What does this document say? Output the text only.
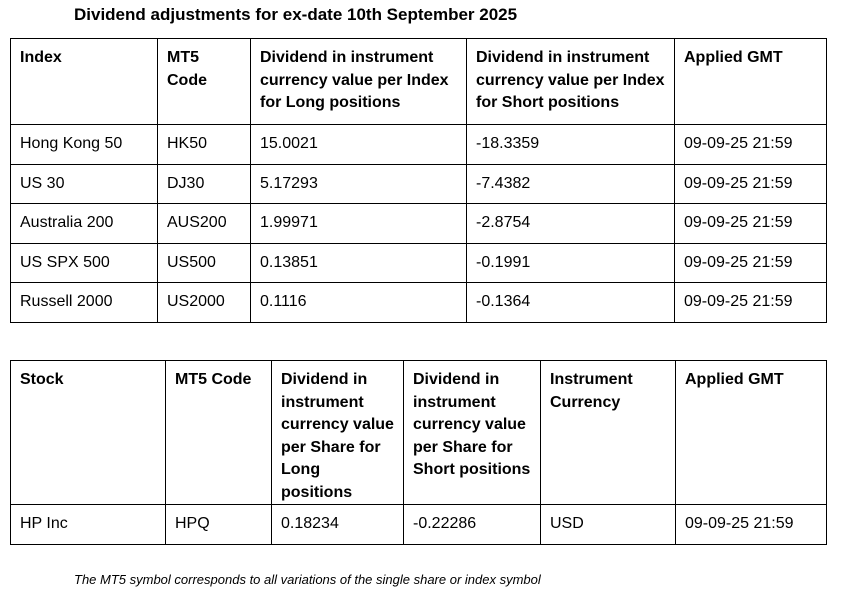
Dividend adjustments for ex-date 10th September 2025
Index	MT5 Code	Dividend in instrument currency value per Index for Long positions	Dividend in instrument currency value per Index for Short positions	Applied GMT
Hong Kong 50	HK50	15.0021	-18.3359	09-09-25 21:59
US 30	DJ30	5.17293	-7.4382	09-09-25 21:59
Australia 200	AUS200	1.99971	-2.8754	09-09-25 21:59
US SPX 500	US500	0.13851	-0.1991	09-09-25 21:59
Russell 2000	US2000	0.1116	-0.1364	09-09-25 21:59
Stock	MT5 Code	Dividend in instrument currency value per Share for Long positions	Dividend in instrument currency value per Share for Short positions	Instrument Currency	Applied GMT
HP Inc	HPQ	0.18234	-0.22286	USD	09-09-25 21:59
The MT5 symbol corresponds to all variations of the single share or index symbol
